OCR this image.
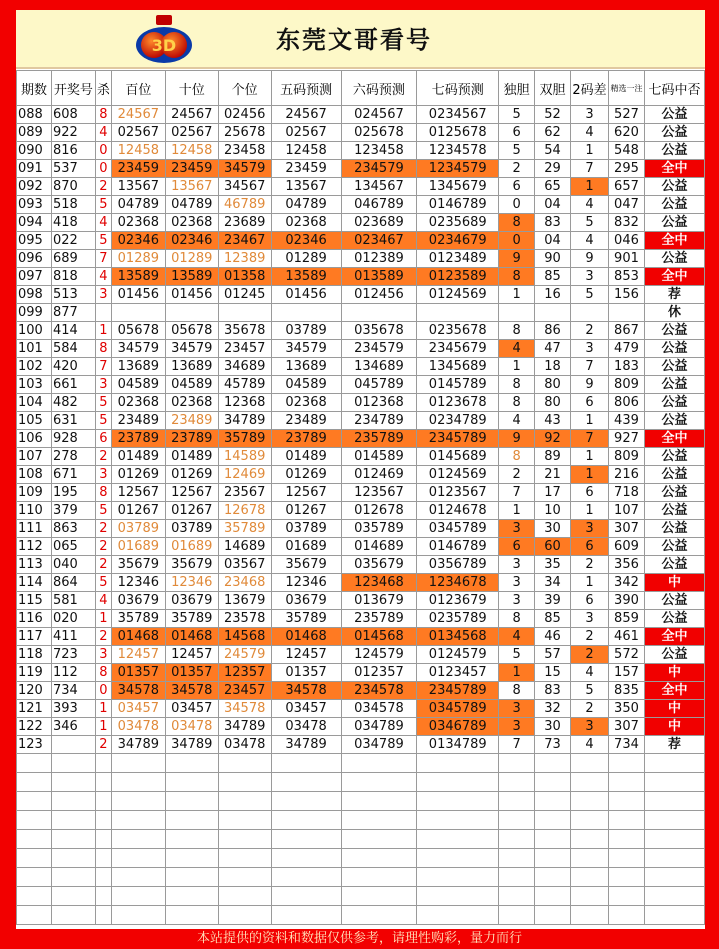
3D	东莞文哥看号
期数	开奖号	杀	百位	十位	个位	五码预测	六码预测	七码预测	独胆	双胆	2码差	精选一注	七码中否
088	608	8	24567	24567	02456	24567	024567	0234567	5	52	3	527	公益
089	922	4	02567	02567	25678	02567	025678	0125678	6	62	4	620	公益
090	816	0	12458	12458	23458	12458	123458	1234578	5	54	1	548	公益
091	537	0	23459	23459	34579	23459	234579	1234579	2	29	7	295	全中
092	870	2	13567	13567	34567	13567	134567	1345679	6	65	1	657	公益
093	518	5	04789	04789	46789	04789	046789	0146789	0	04	4	047	公益
094	418	4	02368	02368	23689	02368	023689	0235689	8	83	5	832	公益
095	022	5	02346	02346	23467	02346	023467	0234679	0	04	4	046	全中
096	689	7	01289	01289	12389	01289	012389	0123489	9	90	9	901	公益
097	818	4	13589	13589	01358	13589	013589	0123589	8	85	3	853	全中
098	513	3	01456	01456	01245	01456	012456	0124569	1	16	5	156	荐
099	877												休
100	414	1	05678	05678	35678	03789	035678	0235678	8	86	2	867	公益
101	584	8	34579	34579	23457	34579	234579	2345679	4	47	3	479	公益
102	420	7	13689	13689	34689	13689	134689	1345689	1	18	7	183	公益
103	661	3	04589	04589	45789	04589	045789	0145789	8	80	9	809	公益
104	482	5	02368	02368	12368	02368	012368	0123678	8	80	6	806	公益
105	631	5	23489	23489	34789	23489	234789	0234789	4	43	1	439	公益
106	928	6	23789	23789	35789	23789	235789	2345789	9	92	7	927	全中
107	278	2	01489	01489	14589	01489	014589	0145689	8	89	1	809	公益
108	671	3	01269	01269	12469	01269	012469	0124569	2	21	1	216	公益
109	195	8	12567	12567	23567	12567	123567	0123567	7	17	6	718	公益
110	379	5	01267	01267	12678	01267	012678	0124678	1	10	1	107	公益
111	863	2	03789	03789	35789	03789	035789	0345789	3	30	3	307	公益
112	065	2	01689	01689	14689	01689	014689	0146789	6	60	6	609	公益
113	040	2	35679	35679	03567	35679	035679	0356789	3	35	2	356	公益
114	864	5	12346	12346	23468	12346	123468	1234678	3	34	1	342	中
115	581	4	03679	03679	13679	03679	013679	0123679	3	39	6	390	公益
116	020	1	35789	35789	23578	35789	235789	0235789	8	85	3	859	公益
117	411	2	01468	01468	14568	01468	014568	0134568	4	46	2	461	全中
118	723	3	12457	12457	24579	12457	124579	0124579	5	57	2	572	公益
119	112	8	01357	01357	12357	01357	012357	0123457	1	15	4	157	中
120	734	0	34578	34578	23457	34578	234578	2345789	8	83	5	835	全中
121	393	1	03457	03457	34578	03457	034578	0345789	3	32	2	350	中
122	346	1	03478	03478	34789	03478	034789	0346789	3	30	3	307	中
123		2	34789	34789	03478	34789	034789	0134789	7	73	4	734	荐

本站提供的资料和数据仅供参考，请理性购彩，量力而行
